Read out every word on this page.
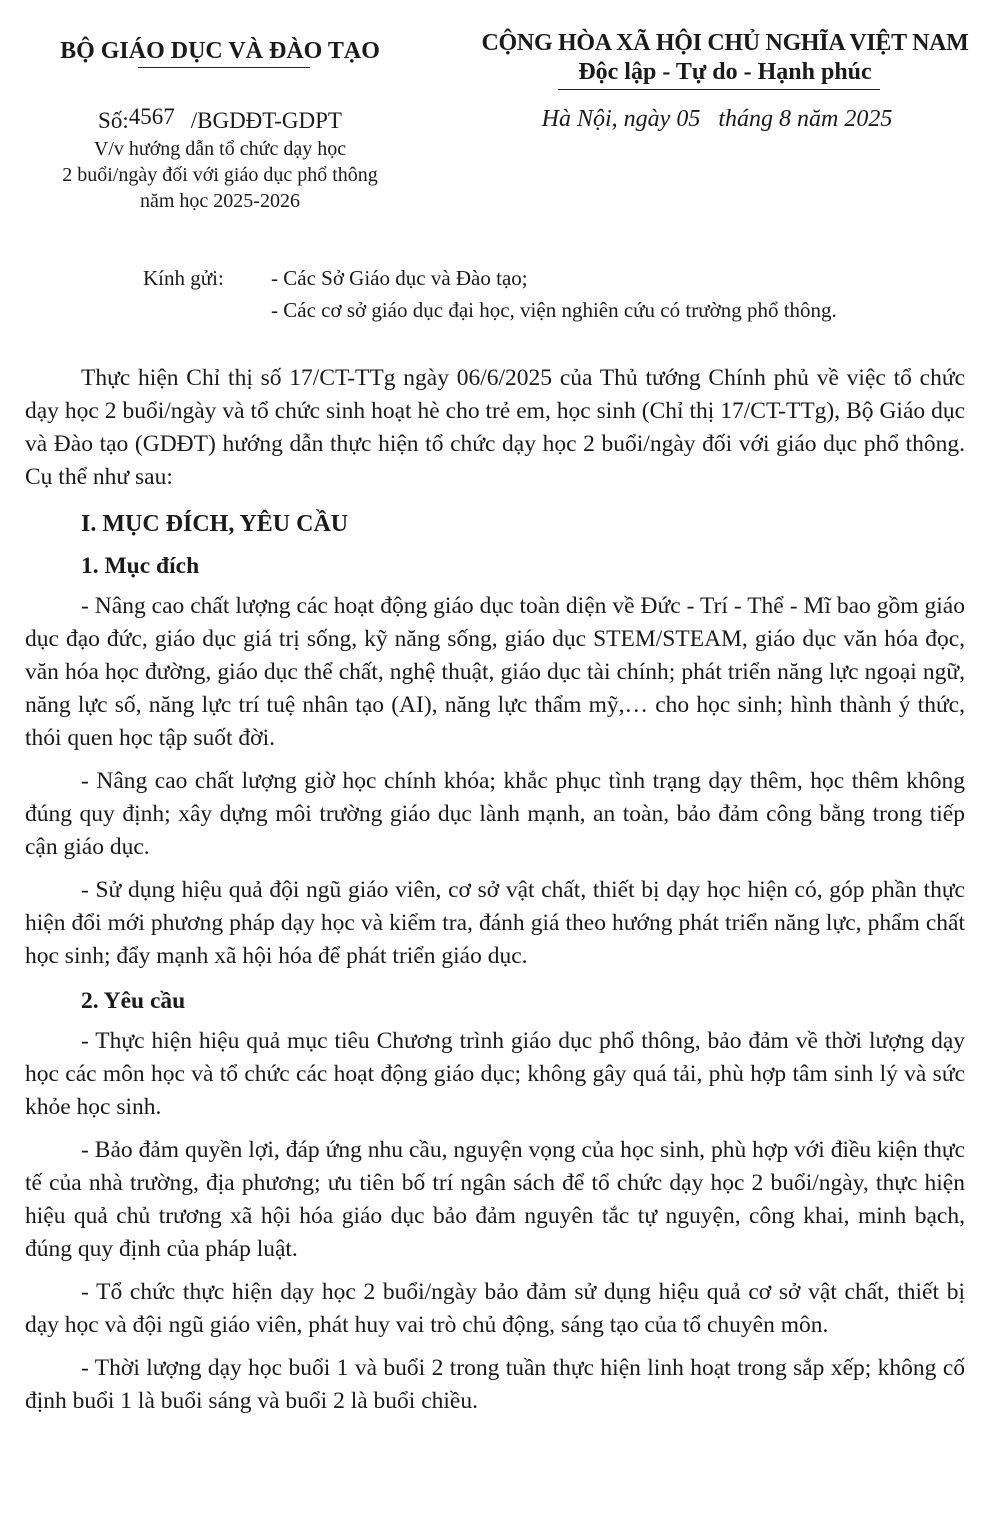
BỘ GIÁO DỤC VÀ ĐÀO TẠO
Số:4567 /BGDĐT-GDPT
V/v hướng dẫn tổ chức dạy học
2 buổi/ngày đối với giáo dục phổ thông
năm học 2025-2026
CỘNG HÒA XÃ HỘI CHỦ NGHĨA VIỆT NAM
Độc lập - Tự do - Hạnh phúc
Hà Nội, ngày 05 tháng 8 năm 2025
Kính gửi: - Các Sở Giáo dục và Đào tạo;
- Các cơ sở giáo dục đại học, viện nghiên cứu có trường phổ thông.

Thực hiện Chỉ thị số 17/CT-TTg ngày 06/6/2025 của Thủ tướng Chính phủ về việc tổ chức dạy học 2 buổi/ngày và tổ chức sinh hoạt hè cho trẻ em, học sinh (Chỉ thị 17/CT-TTg), Bộ Giáo dục và Đào tạo (GDĐT) hướng dẫn thực hiện tổ chức dạy học 2 buổi/ngày đối với giáo dục phổ thông. Cụ thể như sau:

I. MỤC ĐÍCH, YÊU CẦU
1. Mục đích

- Nâng cao chất lượng các hoạt động giáo dục toàn diện về Đức - Trí - Thể - Mĩ bao gồm giáo dục đạo đức, giáo dục giá trị sống, kỹ năng sống, giáo dục STEM/STEAM, giáo dục văn hóa đọc, văn hóa học đường, giáo dục thể chất, nghệ thuật, giáo dục tài chính; phát triển năng lực ngoại ngữ, năng lực số, năng lực trí tuệ nhân tạo (AI), năng lực thẩm mỹ,… cho học sinh; hình thành ý thức, thói quen học tập suốt đời.

- Nâng cao chất lượng giờ học chính khóa; khắc phục tình trạng dạy thêm, học thêm không đúng quy định; xây dựng môi trường giáo dục lành mạnh, an toàn, bảo đảm công bằng trong tiếp cận giáo dục.

- Sử dụng hiệu quả đội ngũ giáo viên, cơ sở vật chất, thiết bị dạy học hiện có, góp phần thực hiện đổi mới phương pháp dạy học và kiểm tra, đánh giá theo hướng phát triển năng lực, phẩm chất học sinh; đẩy mạnh xã hội hóa để phát triển giáo dục.

2. Yêu cầu

- Thực hiện hiệu quả mục tiêu Chương trình giáo dục phổ thông, bảo đảm về thời lượng dạy học các môn học và tổ chức các hoạt động giáo dục; không gây quá tải, phù hợp tâm sinh lý và sức khỏe học sinh.

- Bảo đảm quyền lợi, đáp ứng nhu cầu, nguyện vọng của học sinh, phù hợp với điều kiện thực tế của nhà trường, địa phương; ưu tiên bố trí ngân sách để tổ chức dạy học 2 buổi/ngày, thực hiện hiệu quả chủ trương xã hội hóa giáo dục bảo đảm nguyên tắc tự nguyện, công khai, minh bạch, đúng quy định của pháp luật.

- Tổ chức thực hiện dạy học 2 buổi/ngày bảo đảm sử dụng hiệu quả cơ sở vật chất, thiết bị dạy học và đội ngũ giáo viên, phát huy vai trò chủ động, sáng tạo của tổ chuyên môn.

- Thời lượng dạy học buổi 1 và buổi 2 trong tuần thực hiện linh hoạt trong sắp xếp; không cố định buổi 1 là buổi sáng và buổi 2 là buổi chiều.
